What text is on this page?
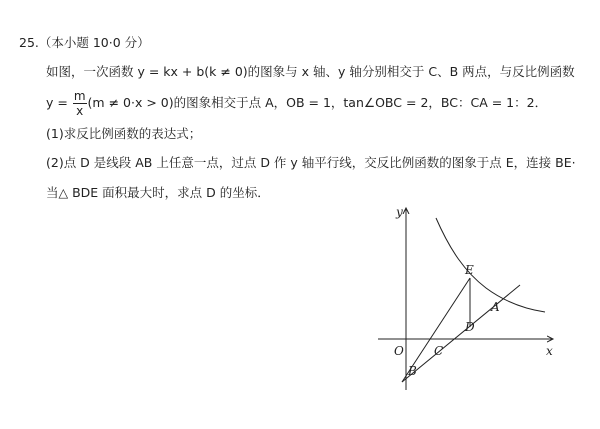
25.（本小题 10·0 分）
如图，一次函数 y = kx + b(k ≠ 0)的图象与 x 轴、y 轴分别相交于 C、B 两点，与反比例函数
$y = \frac{m}{x} (m \ne 0\cdot x > 0)$的图象相交于点 A，OB = 1，tan∠OBC = 2，BC：CA = 1：2．
(1)求反比例函数的表达式；
(2)点 D 是线段 AB 上任意一点，过点 D 作 y 轴平行线，交反比例函数的图象于点 E，连接 BE·
当△ BDE 面积最大时，求点 D 的坐标．
y
x
O
B
C
D
E
A
